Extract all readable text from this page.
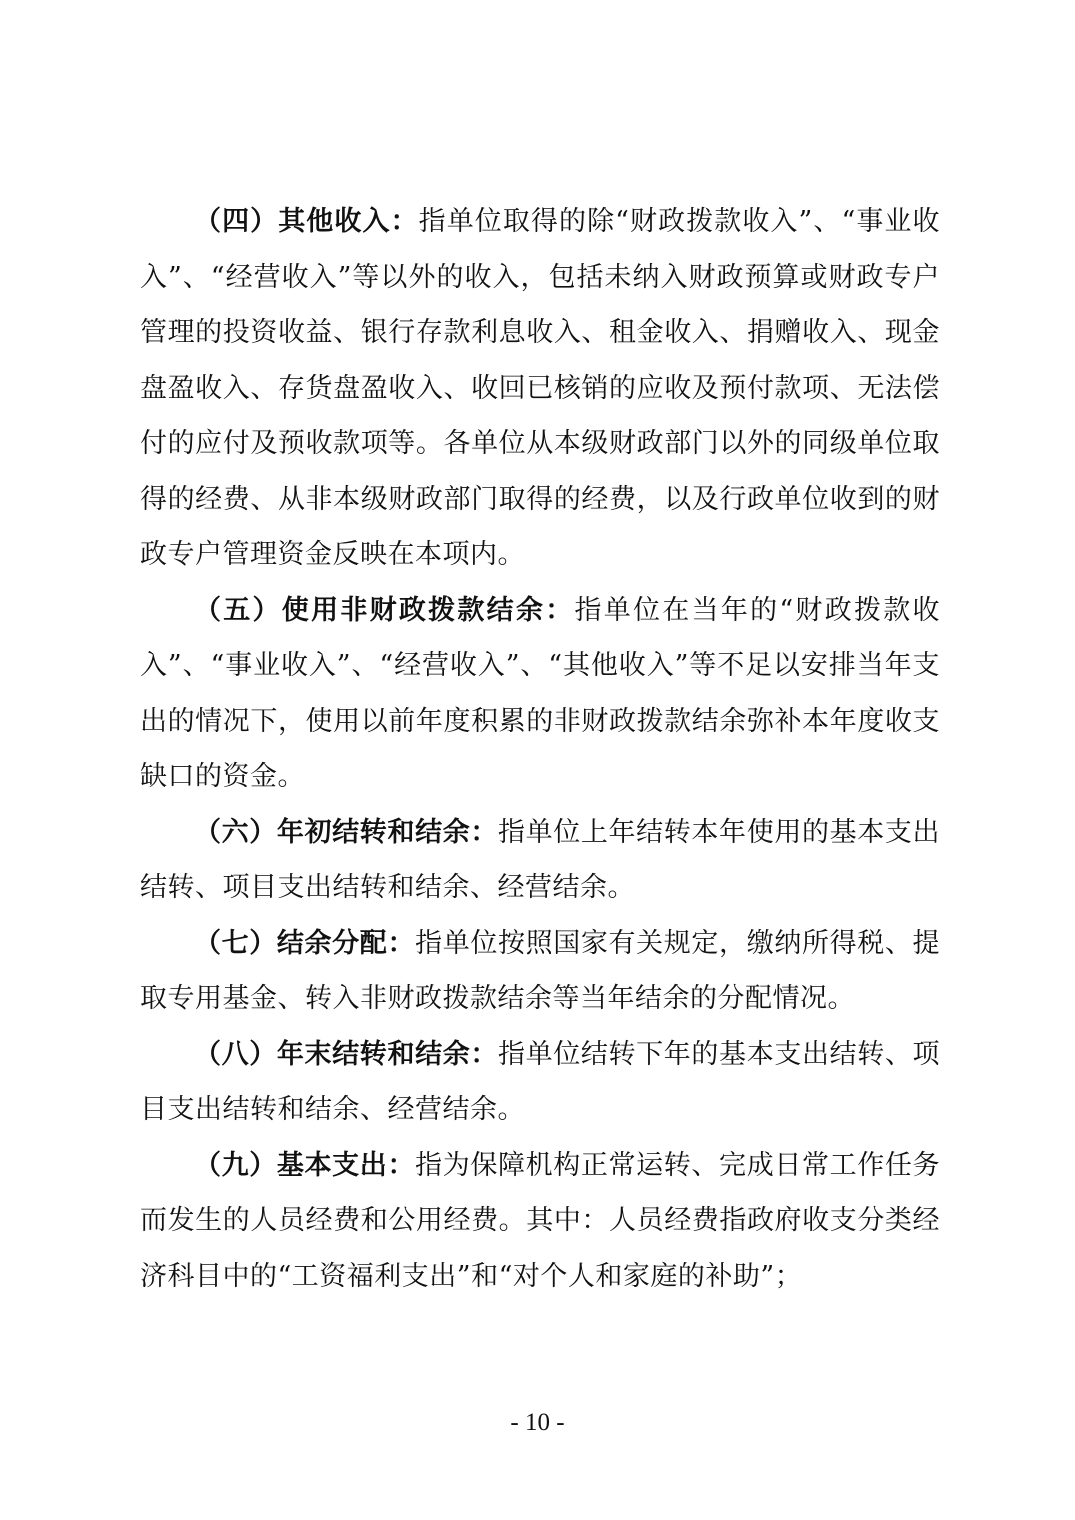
（四）其他收入：指单位取得的除“财政拨款收入”、“事业收入”、“经营收入”等以外的收入，包括未纳入财政预算或财政专户管理的投资收益、银行存款利息收入、租金收入、捐赠收入、现金盘盈收入、存货盘盈收入、收回已核销的应收及预付款项、无法偿付的应付及预收款项等。各单位从本级财政部门以外的同级单位取得的经费、从非本级财政部门取得的经费，以及行政单位收到的财政专户管理资金反映在本项内。

（五）使用非财政拨款结余：指单位在当年的“财政拨款收入”、“事业收入”、“经营收入”、“其他收入”等不足以安排当年支出的情况下，使用以前年度积累的非财政拨款结余弥补本年度收支缺口的资金。

（六）年初结转和结余：指单位上年结转本年使用的基本支出结转、项目支出结转和结余、经营结余。

（七）结余分配：指单位按照国家有关规定，缴纳所得税、提取专用基金、转入非财政拨款结余等当年结余的分配情况。

（八）年末结转和结余：指单位结转下年的基本支出结转、项目支出结转和结余、经营结余。

（九）基本支出：指为保障机构正常运转、完成日常工作任务而发生的人员经费和公用经费。其中：人员经费指政府收支分类经济科目中的“工资福利支出”和“对个人和家庭的补助”；

- 10 -
